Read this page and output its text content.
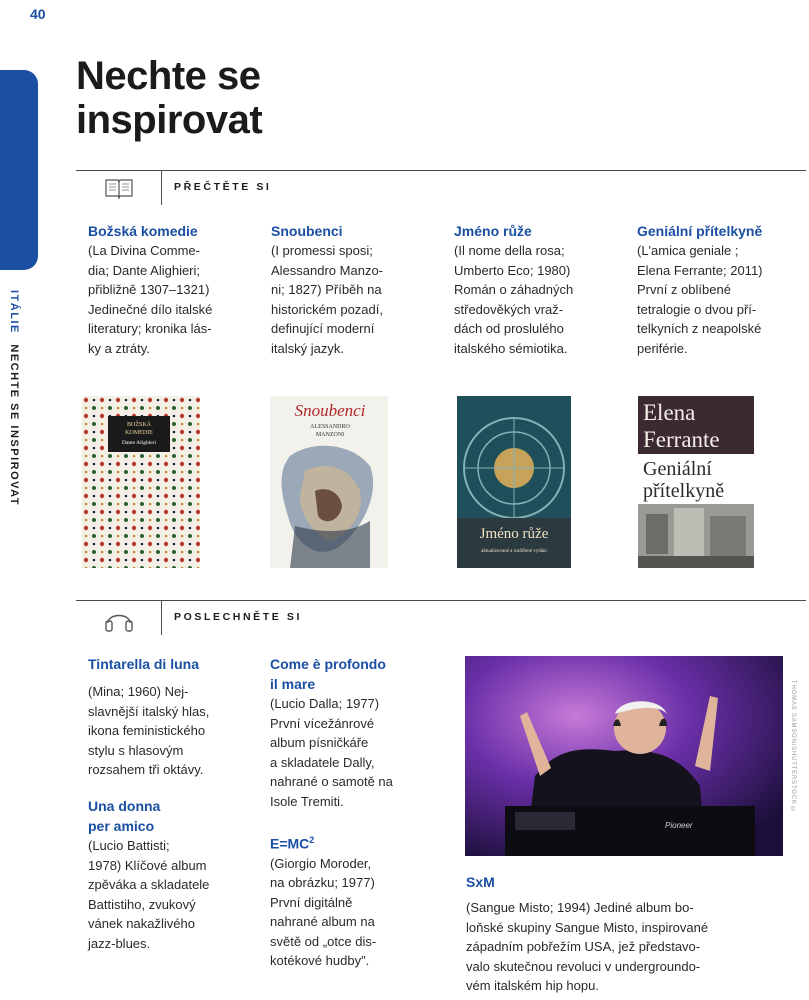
40
ITÁLIE NECHTE SE INSPIROVAT
Nechte se inspirovat
PŘEČTĚTE SI

Božská komedie

(La Divina Comme-
dia; Dante Alighieri;
přibližně 1307–1321)
Jedinečné dílo italské
literatury; kronika lás-
ky a ztráty.

Snoubenci

(I promessi sposi;
Alessandro Manzo-
ni; 1827) Příběh na
historickém pozadí,
definující moderní
italský jazyk.

Jméno růže

(Il nome della rosa;
Umberto Eco; 1980)
Román o záhadných
středověkých vraž-
dách od proslulého
italského sémiotika.

Geniální přítelkyně

(L'amica geniale ;
Elena Ferrante; 2011)
První z oblíbené
tetralogie o dvou pří-
telkyních z neapolské
periférie.

BOŽSKÁ
KOMEDIE
Dante Alighieri
Snoubenci
ALESSANDRO
MANZONI
Jméno růže
aktualizované a rozšířené vydání
Elena
Ferrante
Geniální
přítelkyně
POSLECHNĚTE SI

Tintarella di luna

(Mina; 1960) Nej-
slavnější italský hlas,
ikona feministického
stylu s hlasovým
rozsahem tři oktávy.

Una donna
per amico

(Lucio Battisti;
1978) Klíčové album
zpěváka a skladatele
Battistiho, zvukový
vánek nakažlivého
jazz-blues.

Come è profondo
il mare

(Lucio Dalla; 1977)
První vícežánrové
album písničkáře
a skladatele Dally,
nahrané o samotě na
Isole Tremiti.

$E=MC^2$

(Giorgio Moroder,
na obrázku; 1977)
První digitálně
nahrané album na
světě od „otce dis-
kotékové hudby".

Pioneer
THOMAS SAMSON/SHUTTERSTOCK ©

SxM

(Sangue Misto; 1994) Jediné album bo-
loňské skupiny Sangue Misto, inspirované
západním pobřežím USA, jež představo-
valo skutečnou revoluci v undergroundo-
vém italském hip hopu.
